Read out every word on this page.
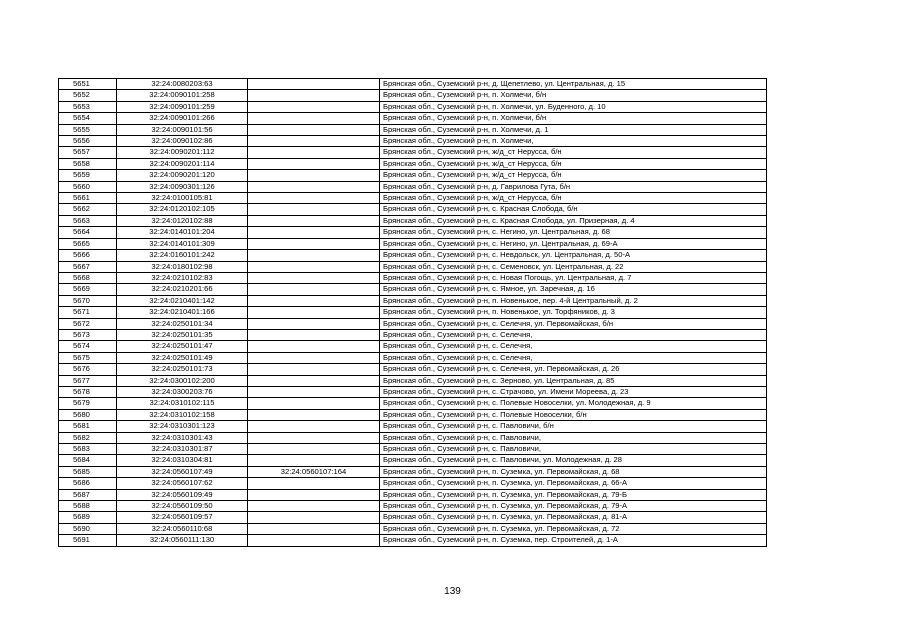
5651	32:24:0080203:63		Брянская обл., Суземский р-н, д. Щепетлево, ул. Центральная, д. 15
5652	32:24:0090101:258		Брянская обл., Суземский р-н, п. Холмечи, б/н
5653	32:24:0090101:259		Брянская обл., Суземский р-н, п. Холмечи, ул. Буденного, д. 10
5654	32:24:0090101:266		Брянская обл., Суземский р-н, п. Холмечи, б/н
5655	32:24:0090101:56		Брянская обл., Суземский р-н, п. Холмечи, д. 1
5656	32:24:0090102:86		Брянская обл., Суземский р-н, п. Холмечи,
5657	32:24:0090201:112		Брянская обл., Суземский р-н, ж/д_ст Неруссa, б/н
5658	32:24:0090201:114		Брянская обл., Суземский р-н, ж/д_ст Неруссa, б/н
5659	32:24:0090201:120		Брянская обл., Суземский р-н, ж/д_ст Неруссa, б/н
5660	32:24:0090301:126		Брянская обл., Суземский р-н, д. Гаврилова Гута, б/н
5661	32:24:0100105:81		Брянская обл., Суземский р-н, ж/д_ст Неруссa, б/н
5662	32:24:0120102:105		Брянская обл., Суземский р-н, с. Красная Слобода, б/н
5663	32:24:0120102:88		Брянская обл., Суземский р-н, с. Красная Слобода, ул. Призерная, д. 4
5664	32:24:0140101:204		Брянская обл., Суземский р-н, с. Негино, ул. Центральная, д. 68
5665	32:24:0140101:309		Брянская обл., Суземский р-н, с. Негино, ул. Центральная, д. 69-А
5666	32:24:0160101:242		Брянская обл., Суземский р-н, с. Невдольск, ул. Центральная, д. 50-А
5667	32:24:0180102:98		Брянская обл., Суземский р-н, с. Семеновск, ул. Центральная, д. 22
5668	32:24:0210102:83		Брянская обл., Суземский р-н, с. Новая Погощь, ул. Центральная, д. 7
5669	32:24:0210201:66		Брянская обл., Суземский р-н, с. Ямное, ул. Заречная, д. 16
5670	32:24:0210401:142		Брянская обл., Суземский р-н, п. Новенькое, пер. 4-й Центральный, д. 2
5671	32:24:0210401:166		Брянская обл., Суземский р-н, п. Новенькое, ул. Торфяников, д. 3
5672	32:24:0250101:34		Брянская обл., Суземский р-н, с. Селечня, ул. Первомайская, б/н
5673	32:24:0250101:35		Брянская обл., Суземский р-н, с. Селечня,
5674	32:24:0250101:47		Брянская обл., Суземский р-н, с. Селечня,
5675	32:24:0250101:49		Брянская обл., Суземский р-н, с. Селечня,
5676	32:24:0250101:73		Брянская обл., Суземский р-н, с. Селечня, ул. Первомайская, д. 26
5677	32:24:0300102:200		Брянская обл., Суземский р-н, с. Зерново, ул. Центральная, д. 85
5678	32:24:0300203:76		Брянская обл., Суземский р-н, с. Страчово, ул. Имени Мореева, д. 23
5679	32:24:0310102:115		Брянская обл., Суземский р-н, с. Полевые Новоселки, ул. Молодежная, д. 9
5680	32:24:0310102:158		Брянская обл., Суземский р-н, с. Полевые Новоселки, б/н
5681	32:24:0310301:123		Брянская обл., Суземский р-н, с. Павловичи, б/н
5682	32:24:0310301:43		Брянская обл., Суземский р-н, с. Павловичи,
5683	32:24:0310301:87		Брянская обл., Суземский р-н, с. Павловичи,
5684	32:24:0310304:81		Брянская обл., Суземский р-н, с. Павловичи, ул. Молодежная, д. 28
5685	32:24:0560107:49	32:24:0560107:164	Брянская обл., Суземский р-н, п. Суземка, ул. Первомайская, д. 68
5686	32:24:0560107:62		Брянская обл., Суземский р-н, п. Суземка, ул. Первомайская, д. 66-А
5687	32:24:0560109:49		Брянская обл., Суземский р-н, п. Суземка, ул. Первомайская, д. 79-Б
5688	32:24:0560109:50		Брянская обл., Суземский р-н, п. Суземка, ул. Первомайская, д. 79-А
5689	32:24:0560109:57		Брянская обл., Суземский р-н, п. Суземка, ул. Первомайская, д. 81-А
5690	32:24:0560110:68		Брянская обл., Суземский р-н, п. Суземка, ул. Первомайская, д. 72
5691	32:24:0560111:130		Брянская обл., Суземский р-н, п. Суземка, пер. Строителей, д. 1-А
139
